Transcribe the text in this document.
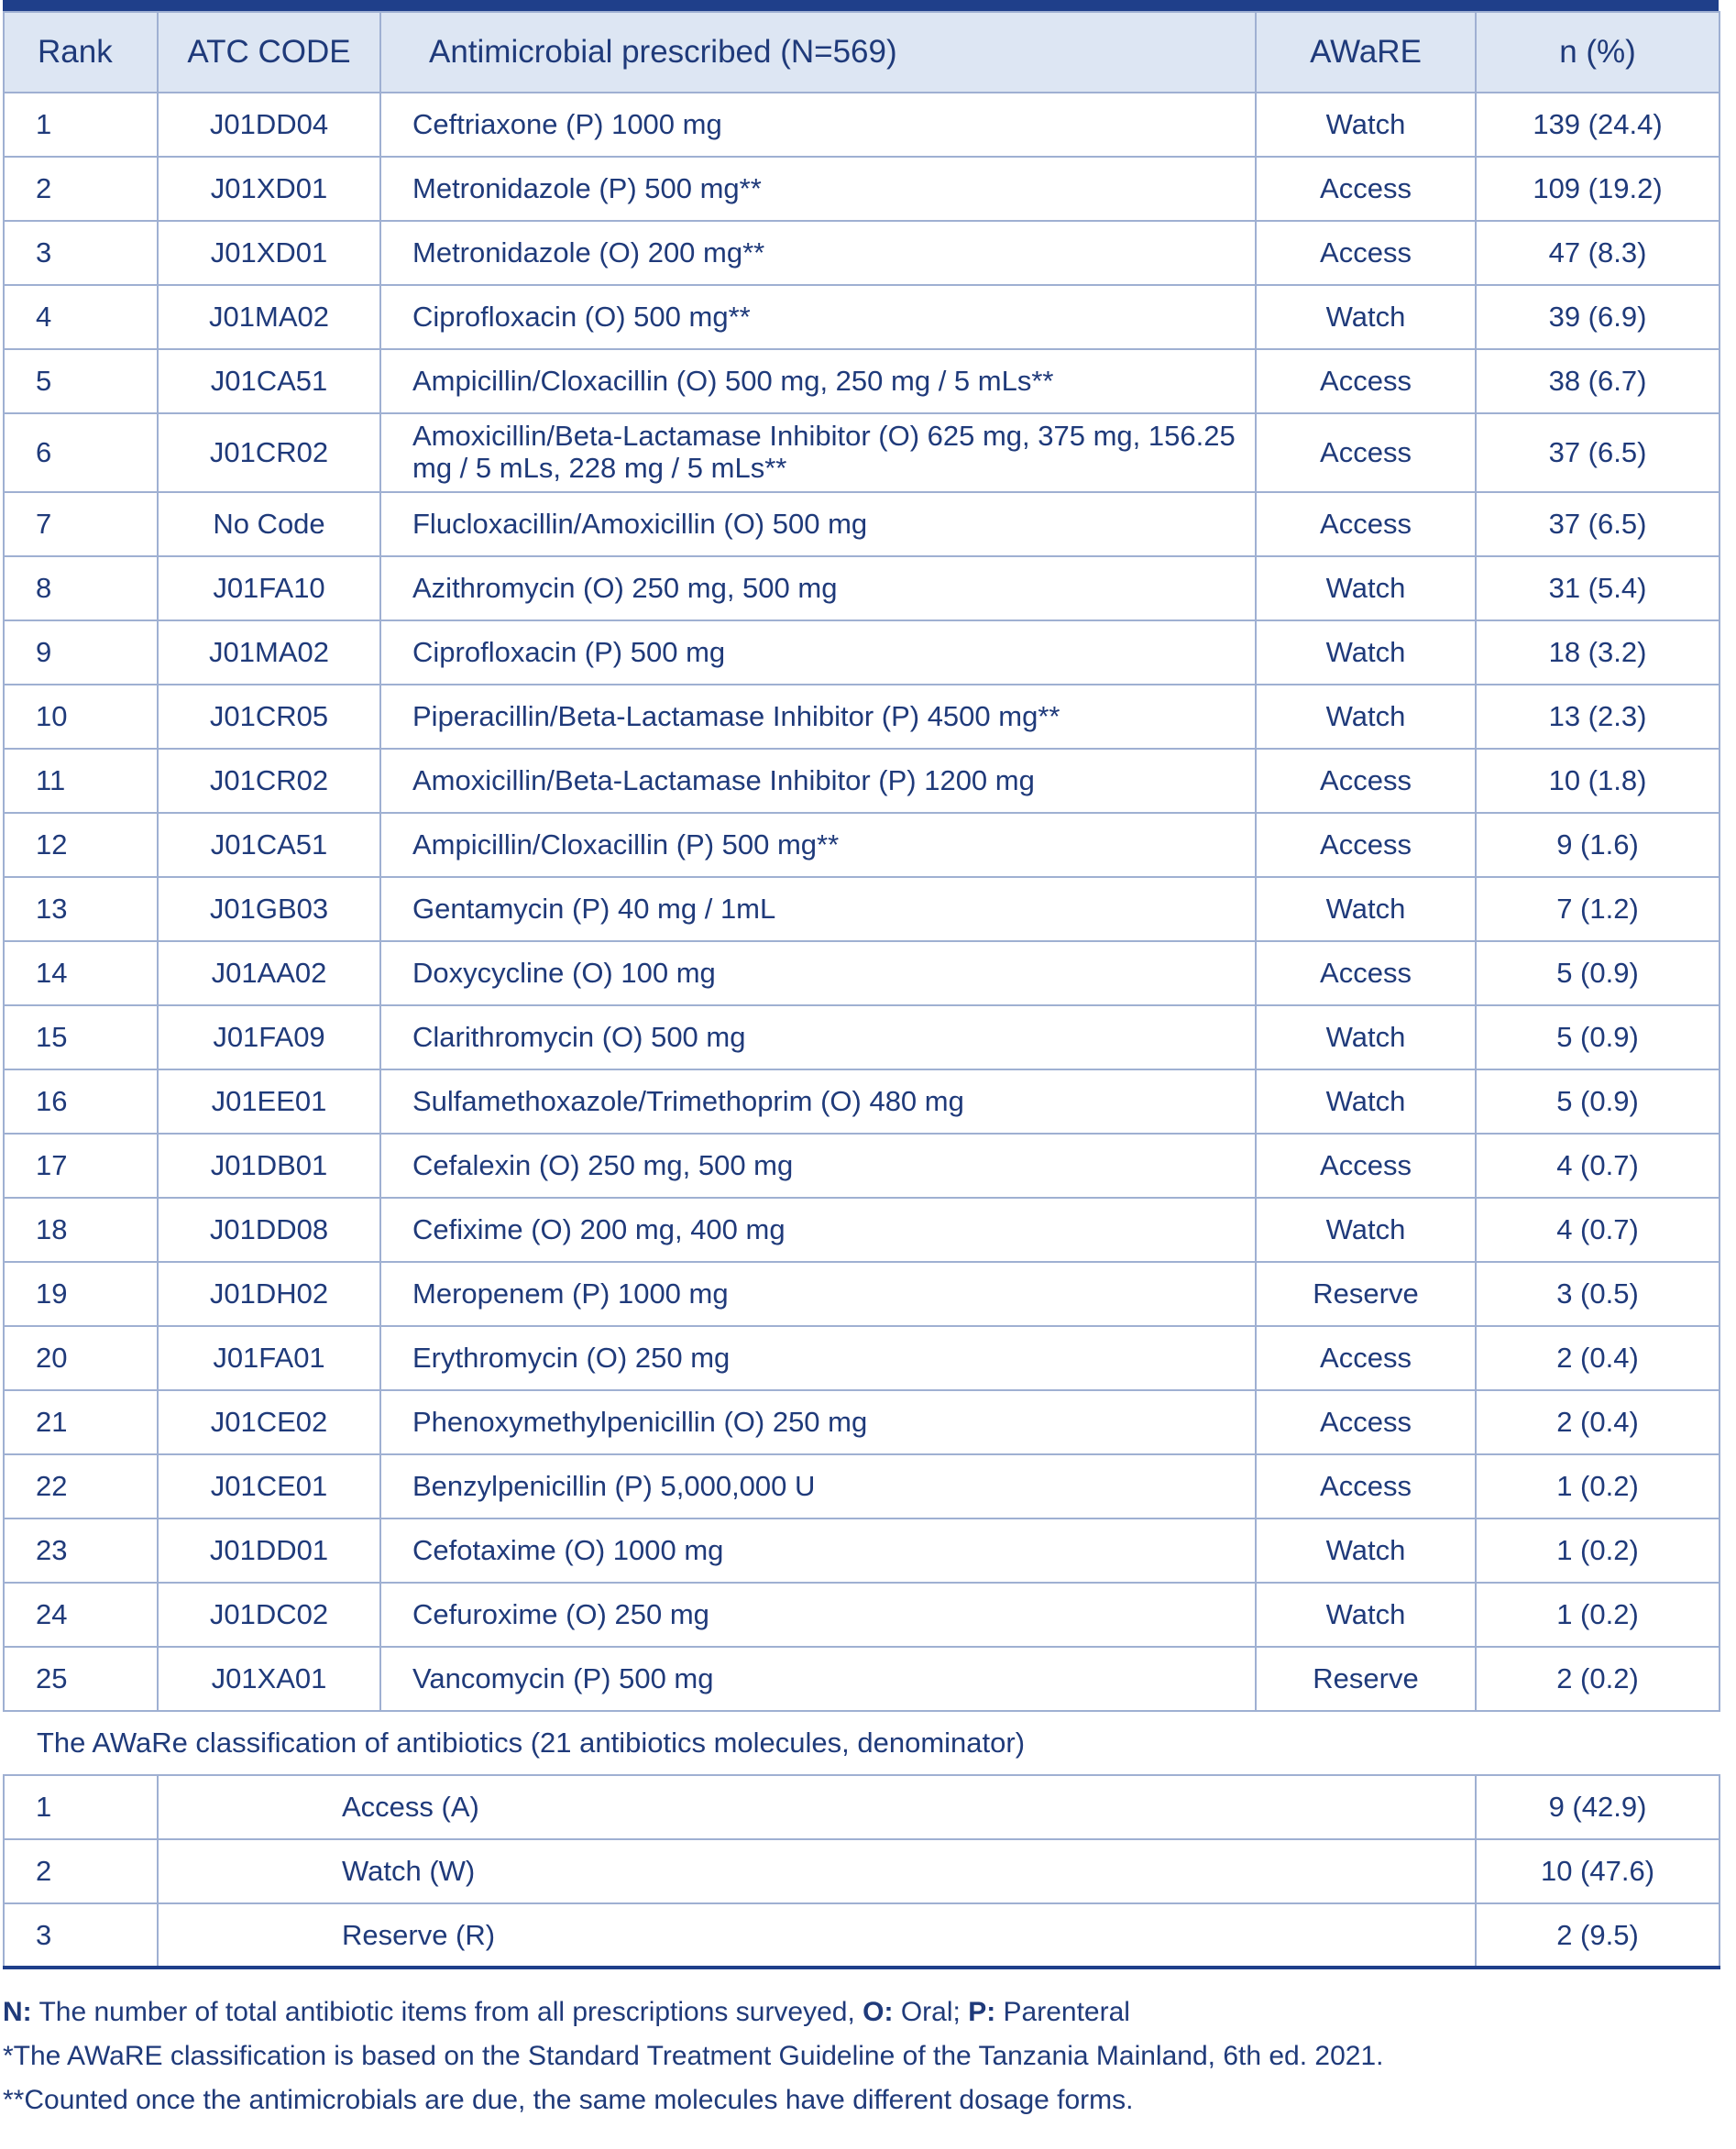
Rank	ATC CODE	Antimicrobial prescribed (N=569)	AWaRE	n (%)
1	J01DD04	Ceftriaxone (P) 1000 mg	Watch	139 (24.4)
2	J01XD01	Metronidazole (P) 500 mg**	Access	109 (19.2)
3	J01XD01	Metronidazole (O) 200 mg**	Access	47 (8.3)
4	J01MA02	Ciprofloxacin (O) 500 mg**	Watch	39 (6.9)
5	J01CA51	Ampicillin/Cloxacillin (O) 500 mg, 250 mg / 5 mLs**	Access	38 (6.7)
6	J01CR02	Amoxicillin/Beta-Lactamase Inhibitor (O) 625 mg, 375 mg, 156.25 mg / 5 mLs, 228 mg / 5 mLs**	Access	37 (6.5)
7	No Code	Flucloxacillin/Amoxicillin (O) 500 mg	Access	37 (6.5)
8	J01FA10	Azithromycin (O) 250 mg, 500 mg	Watch	31 (5.4)
9	J01MA02	Ciprofloxacin (P) 500 mg	Watch	18 (3.2)
10	J01CR05	Piperacillin/Beta-Lactamase Inhibitor (P) 4500 mg**	Watch	13 (2.3)
11	J01CR02	Amoxicillin/Beta-Lactamase Inhibitor (P) 1200 mg	Access	10 (1.8)
12	J01CA51	Ampicillin/Cloxacillin (P) 500 mg**	Access	9 (1.6)
13	J01GB03	Gentamycin (P) 40 mg / 1mL	Watch	7 (1.2)
14	J01AA02	Doxycycline (O) 100 mg	Access	5 (0.9)
15	J01FA09	Clarithromycin (O) 500 mg	Watch	5 (0.9)
16	J01EE01	Sulfamethoxazole/Trimethoprim (O) 480 mg	Watch	5 (0.9)
17	J01DB01	Cefalexin (O) 250 mg, 500 mg	Access	4 (0.7)
18	J01DD08	Cefixime (O) 200 mg, 400 mg	Watch	4 (0.7)
19	J01DH02	Meropenem (P) 1000 mg	Reserve	3 (0.5)
20	J01FA01	Erythromycin (O) 250 mg	Access	2 (0.4)
21	J01CE02	Phenoxymethylpenicillin (O) 250 mg	Access	2 (0.4)
22	J01CE01	Benzylpenicillin (P) 5,000,000 U	Access	1 (0.2)
23	J01DD01	Cefotaxime (O) 1000 mg	Watch	1 (0.2)
24	J01DC02	Cefuroxime (O) 250 mg	Watch	1 (0.2)
25	J01XA01	Vancomycin (P) 500 mg	Reserve	2 (0.2)
The AWaRe classification of antibiotics (21 antibiotics molecules, denominator)				
1	Access (A)			9 (42.9)
2	Watch (W)			10 (47.6)
3	Reserve (R)			2 (9.5)
N: The number of total antibiotic items from all prescriptions surveyed, O: Oral; P: Parenteral
*The AWaRE classification is based on the Standard Treatment Guideline of the Tanzania Mainland, 6th ed. 2021.
**Counted once the antimicrobials are due, the same molecules have different dosage forms.
